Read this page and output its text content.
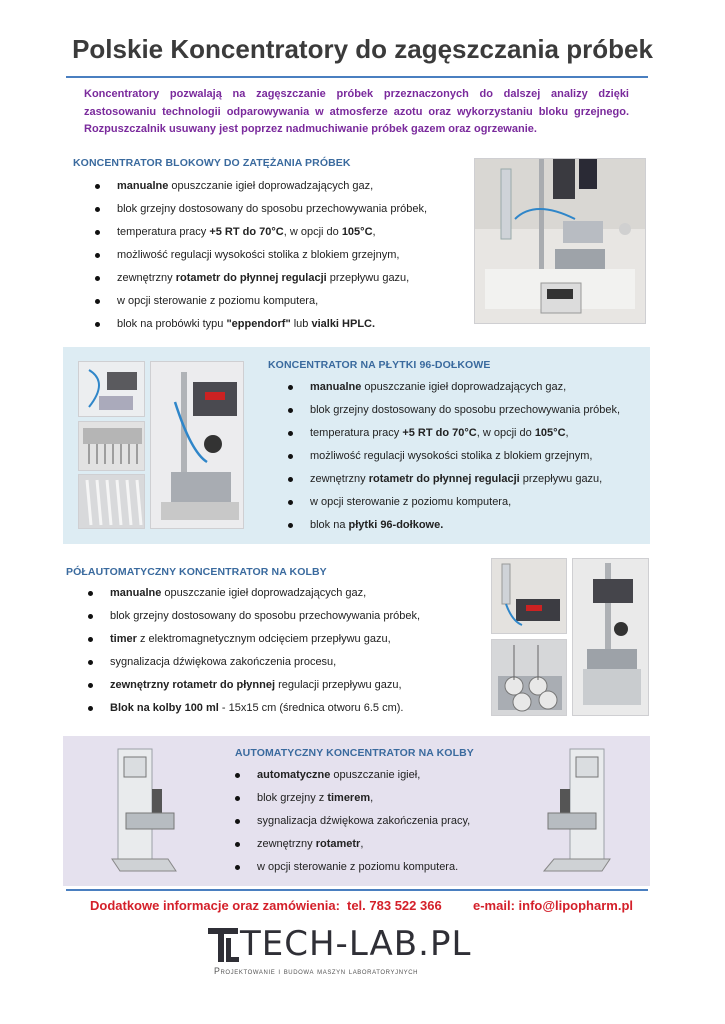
Polskie Koncentratory do zagęszczania próbek
Koncentratory pozwalają na zagęszczanie próbek przeznaczonych do dalszej analizy dzięki zastosowaniu technologii odparowywania w atmosferze azotu oraz wykorzystaniu bloku grzejnego. Rozpuszczalnik usuwany jest poprzez nadmuchiwanie próbek gazem oraz ogrzewanie.
KONCENTRATOR BLOKOWY DO ZATĘŻANIA PRÓBEK
manualne opuszczanie igieł doprowadzających gaz,
blok grzejny dostosowany do sposobu przechowywania próbek,
temperatura pracy +5 RT do 70°C, w opcji do 105°C,
możliwość regulacji wysokości stolika z blokiem grzejnym,
zewnętrzny rotametr do płynnej regulacji przepływu gazu,
w opcji sterowanie z poziomu komputera,
blok na probówki typu "eppendorf" lub vialki HPLC.
KONCENTRATOR NA PŁYTKI 96-DOŁKOWE
manualne opuszczanie igieł doprowadzających gaz,
blok grzejny dostosowany do sposobu przechowywania próbek,
temperatura pracy +5 RT do 70°C, w opcji do 105°C,
możliwość regulacji wysokości stolika z blokiem grzejnym,
zewnętrzny rotametr do płynnej regulacji przepływu gazu,
w opcji sterowanie z poziomu komputera,
blok na płytki 96-dołkowe.
PÓŁAUTOMATYCZNY KONCENTRATOR NA KOLBY
manualne opuszczanie igieł doprowadzających gaz,
blok grzejny dostosowany do sposobu przechowywania próbek,
timer z elektromagnetycznym odcięciem przepływu gazu,
sygnalizacja dźwiękowa zakończenia procesu,
zewnętrzny rotametr do płynnej regulacji przepływu gazu,
Blok na kolby 100 ml - 15x15 cm (średnica otworu 6.5 cm).
AUTOMATYCZNY KONCENTRATOR NA KOLBY
automatyczne opuszczanie igieł,
blok grzejny z timerem,
sygnalizacja dźwiękowa zakończenia pracy,
zewnętrzny rotametr,
w opcji sterowanie z poziomu komputera.
Dodatkowe informacje oraz zamówienia: tel. 783 522 366 e-mail: info@lipopharm.pl
TECH-LAB.PL
Projektowanie i budowa maszyn laboratoryjnych
